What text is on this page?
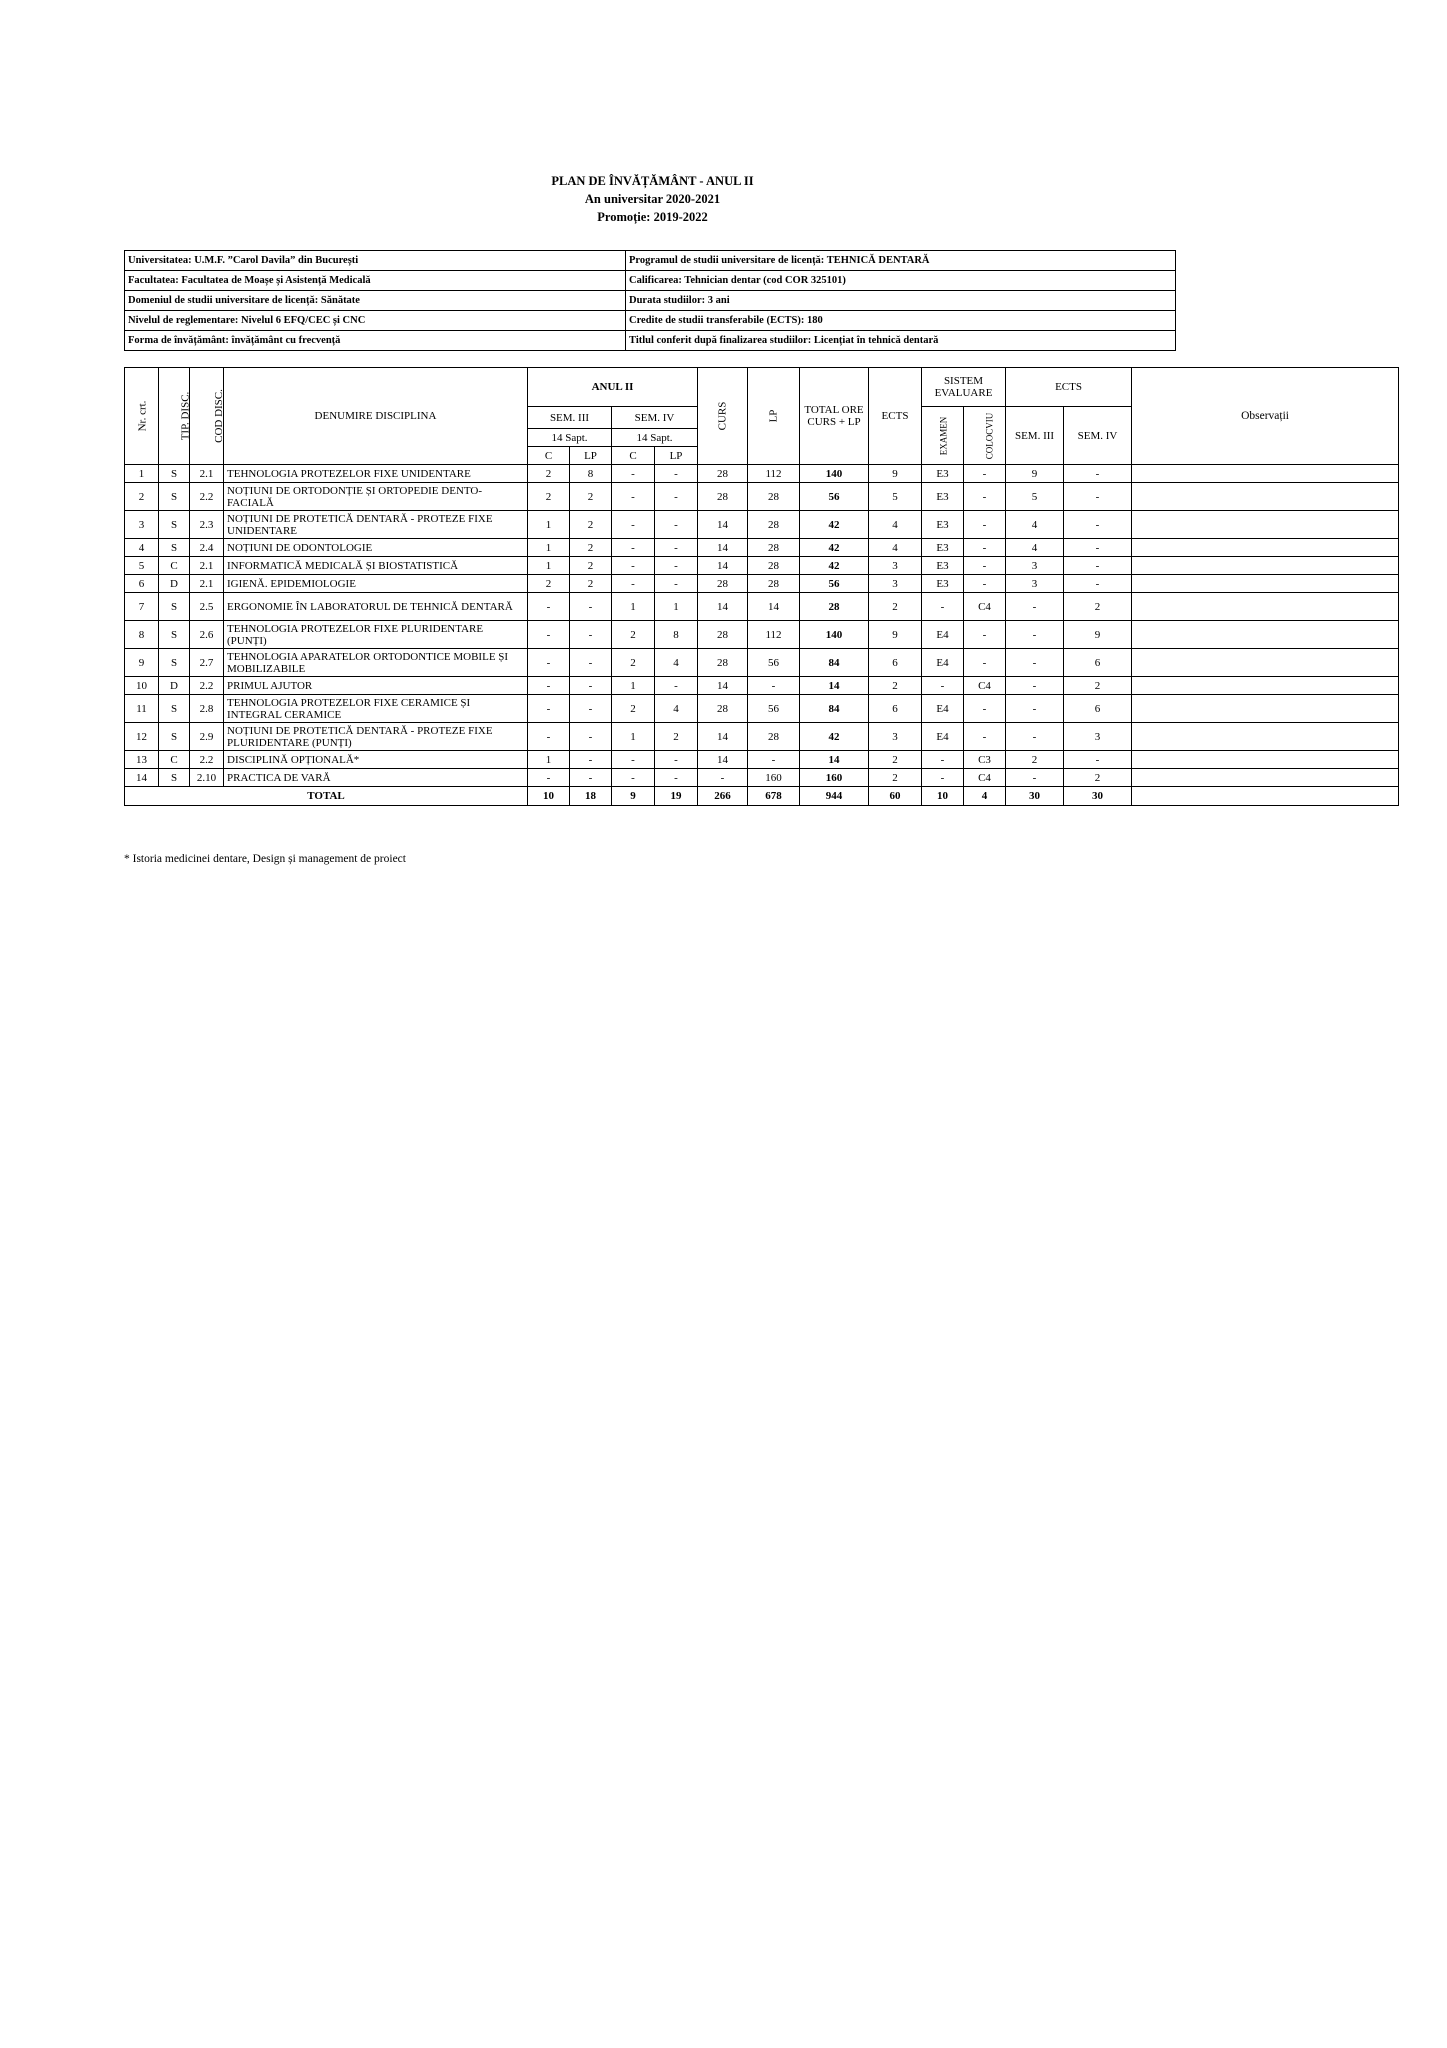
PLAN DE ÎNVĂȚĂMÂNT - ANUL II
An universitar 2020-2021
Promoție: 2019-2022
Universitatea: U.M.F. ”Carol Davila” din București	Programul de studii universitare de licență: TEHNICĂ DENTARĂ
Facultatea: Facultatea de Moașe și Asistență Medicală	Calificarea: Tehnician dentar (cod COR 325101)
Domeniul de studii universitare de licență: Sănătate	Durata studiilor: 3 ani
Nivelul de reglementare: Nivelul 6 EFQ/CEC și CNC	Credite de studii transferabile (ECTS): 180
Forma de învățământ: învățământ cu frecvență	Titlul conferit după finalizarea studiilor: Licențiat în tehnică dentară
Nr. crt.	TIP. DISC.	COD DISC.	DENUMIRE DISCIPLINA	ANUL II				CURS	LP	TOTAL ORE CURS + LP	ECTS	SISTEM EVALUARE		ECTS		Observații
				SEM. III		SEM. IV						EXAMEN	COLOCVIU	SEM. III	SEM. IV	
				14 Sapt.		14 Sapt.										
				C	LP	C	LP									
1	S	2.1	TEHNOLOGIA PROTEZELOR FIXE UNIDENTARE	2	8	-	-	28	112	140	9	E3	-	9	-	
2	S	2.2	NOȚIUNI DE ORTODONȚIE ȘI ORTOPEDIE DENTO-FACIALĂ	2	2	-	-	28	28	56	5	E3	-	5	-	
3	S	2.3	NOȚIUNI DE PROTETICĂ DENTARĂ - PROTEZE FIXE UNIDENTARE	1	2	-	-	14	28	42	4	E3	-	4	-	
4	S	2.4	NOȚIUNI DE ODONTOLOGIE	1	2	-	-	14	28	42	4	E3	-	4	-	
5	C	2.1	INFORMATICĂ MEDICALĂ ȘI BIOSTATISTICĂ	1	2	-	-	14	28	42	3	E3	-	3	-	
6	D	2.1	IGIENĂ. EPIDEMIOLOGIE	2	2	-	-	28	28	56	3	E3	-	3	-	
7	S	2.5	ERGONOMIE ÎN LABORATORUL DE TEHNICĂ DENTARĂ	-	-	1	1	14	14	28	2	-	C4	-	2	
8	S	2.6	TEHNOLOGIA PROTEZELOR FIXE PLURIDENTARE (PUNȚI)	-	-	2	8	28	112	140	9	E4	-	-	9	
9	S	2.7	TEHNOLOGIA APARATELOR ORTODONTICE MOBILE ȘI MOBILIZABILE	-	-	2	4	28	56	84	6	E4	-	-	6	
10	D	2.2	PRIMUL AJUTOR	-	-	1	-	14	-	14	2	-	C4	-	2	
11	S	2.8	TEHNOLOGIA PROTEZELOR FIXE CERAMICE ȘI INTEGRAL CERAMICE	-	-	2	4	28	56	84	6	E4	-	-	6	
12	S	2.9	NOȚIUNI DE PROTETICĂ DENTARĂ - PROTEZE FIXE PLURIDENTARE (PUNȚI)	-	-	1	2	14	28	42	3	E4	-	-	3	
13	C	2.2	DISCIPLINĂ OPȚIONALĂ*	1	-	-	-	14	-	14	2	-	C3	2	-	
14	S	2.10	PRACTICA DE VARĂ	-	-	-	-	-	160	160	2	-	C4	-	2	
TOTAL				10	18	9	19	266	678	944	60	10	4	30	30	
* Istoria medicinei dentare, Design și management de proiect
